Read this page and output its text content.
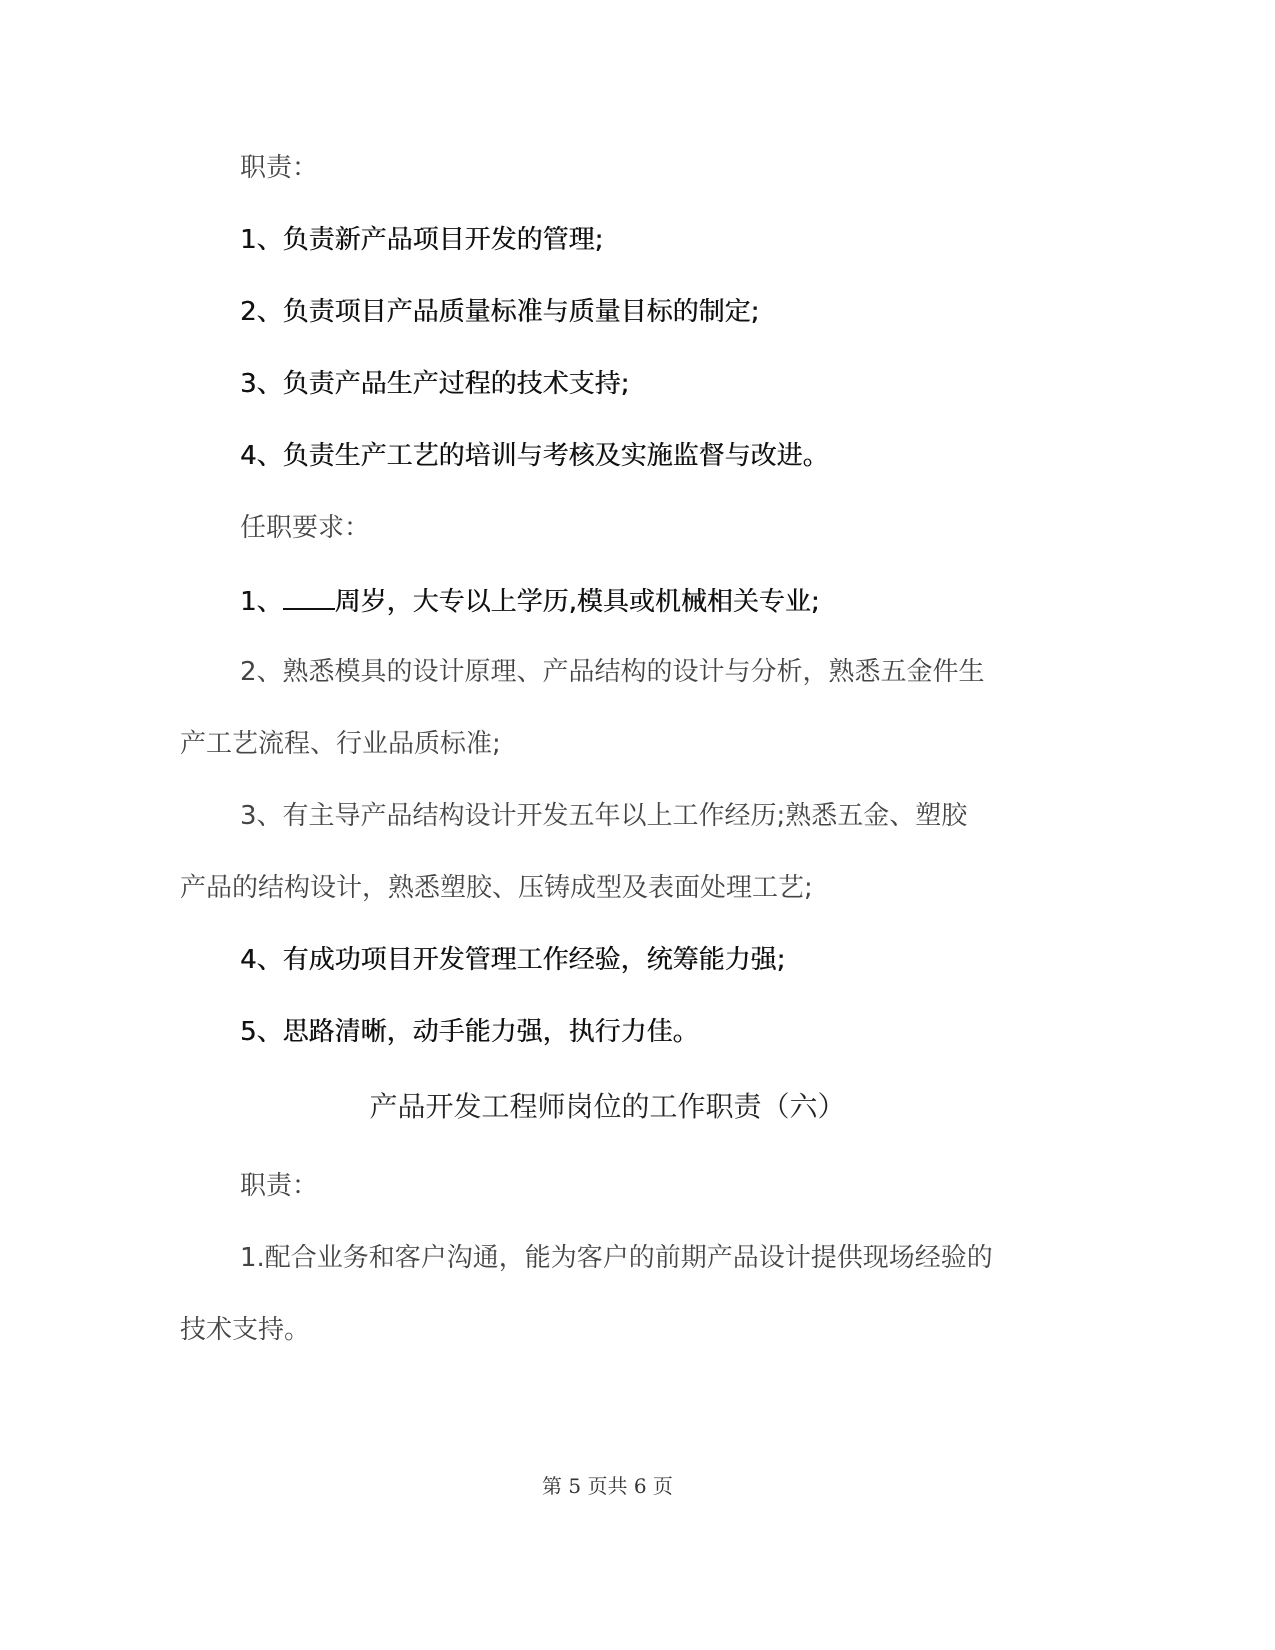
职责：
1、负责新产品项目开发的管理;
2、负责项目产品质量标准与质量目标的制定;
3、负责产品生产过程的技术支持;
4、负责生产工艺的培训与考核及实施监督与改进。
任职要求：
1、 周岁，大专以上学历,模具或机械相关专业;
2、熟悉模具的设计原理、产品结构的设计与分析，熟悉五金件生
产工艺流程、行业品质标准;
3、有主导产品结构设计开发五年以上工作经历;熟悉五金、塑胶
产品的结构设计，熟悉塑胶、压铸成型及表面处理工艺;
4、有成功项目开发管理工作经验，统筹能力强;
5、思路清晰，动手能力强，执行力佳。
产品开发工程师岗位的工作职责（六）
职责：
1.配合业务和客户沟通，能为客户的前期产品设计提供现场经验的
技术支持。
第 5 页共 6 页
